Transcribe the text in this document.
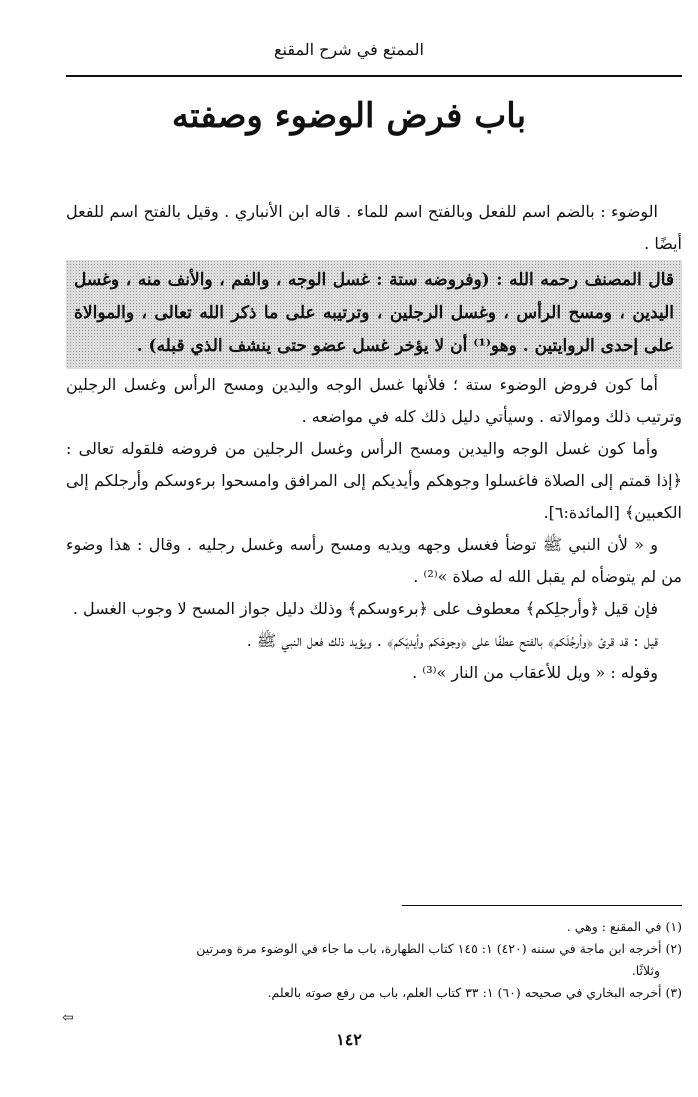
الممتع في شرح المقنع
باب فرض الوضوء وصفته

الوضوء : بالضم اسم للفعل وبالفتح اسم للماء . قاله ابن الأنباري . وقيل بالفتح اسم للفعل أيضًا .

قال المصنف رحمه الله : (وفروضه ستة : غسل الوجه ، والفم ، والأنف منه ، وغسل اليدين ، ومسح الرأس ، وغسل الرجلين ، وترتيبه على ما ذكر الله تعالى ، والموالاة على إحدى الروايتين . وهو⁽¹⁾ أن لا يؤخر غسل عضو حتى ينشف الذي قبله) .

أما كون فروض الوضوء ستة ؛ فلأنها غسل الوجه واليدين ومسح الرأس وغسل الرجلين وترتيب ذلك وموالاته . وسيأتي دليل ذلك كله في مواضعه .

وأما كون غسل الوجه واليدين ومسح الرأس وغسل الرجلين من فروضه فلقوله تعالى : ﴿إذا قمتم إلى الصلاة فاغسلوا وجوهكم وأيديكم إلى المرافق وامسحوا برءوسكم وأرجلكم إلى الكعبين﴾ [المائدة:٦].

و « لأن النبي ﷺ توضأ فغسل وجهه ويديه ومسح رأسه وغسل رجليه . وقال : هذا وضوء من لم يتوضأه لم يقبل الله له صلاة »⁽²⁾ .

فإن قيل ﴿وأرجلِكم﴾ معطوف على ﴿برءوسكم﴾ وذلك دليل جواز المسح لا وجوب الغسل .

قيل : قد قرئ ﴿وأرجُلَكم﴾ بالفتح عطفًا على ﴿وجوهَكم وأيديَكم﴾ . ويؤيد ذلك فعل النبي ﷺ .

وقوله : « ويل للأعقاب من النار »⁽³⁾ .

(١) في المقنع : وهي .

(٢) أخرجه ابن ماجة في سننه (٤٢٠) ١: ١٤٥ كتاب الطهارة، باب ما جاء في الوضوء مرة ومرتين

وثلاثًا.

(٣) أخرجه البخاري في صحيحه (٦٠) ١: ٣٣ كتاب العلم، باب من رفع صوته بالعلم.

⇦
١٤٢
